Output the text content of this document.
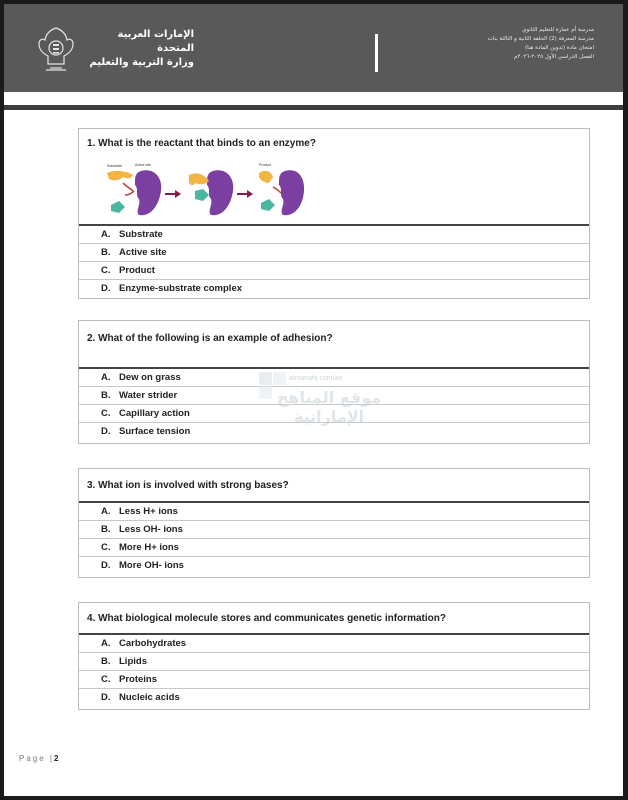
الإمارات العربية المتحدة
وزارة التربية والتعليم
مدرسة أم عمارة للتعليم الثانوي
مدرسة المعرفة (2) الحلقة الثانية و الثالثة بنات
امتحان مادة (تدوين المادة هنا)
الفصل الدراسي الأول ٢٠٢٥-٢٠٢٦م
1. What is the reactant that binds to an enzyme?
Substrate	Active site	Product
A. Substrate
B. Active site
C. Product
D. Enzyme-substrate complex
2. What of the following is an example of adhesion?
A. Dew on grass
B. Water strider
C. Capillary action
D. Surface tension
almanahj.com/ae
موقع المناهج الإماراتية
3. What ion is involved with strong bases?
A. Less H+ ions
B. Less OH- ions
C. More H+ ions
D. More OH- ions
4. What biological molecule stores and communicates genetic information?
A. Carbohydrates
B. Lipids
C. Proteins
D. Nucleic acids
Page |2
